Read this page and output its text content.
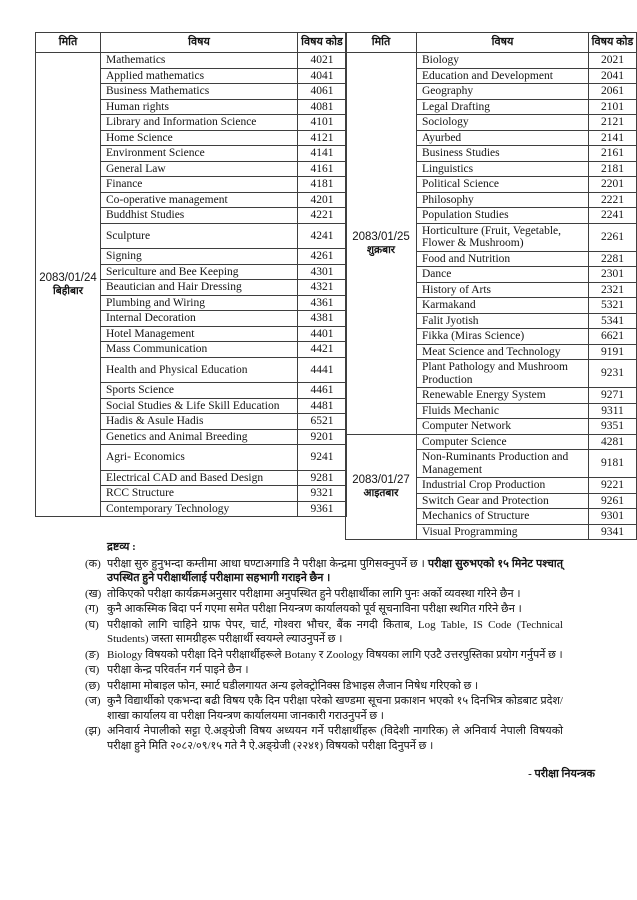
मिति	विषय	विषय कोड

2083/01/24
बिहीबार	Mathematics	4021
	Applied mathematics	4041
	Business Mathematics	4061
	Human rights	4081
	Library and Information Science	4101
	Home Science	4121
	Environment Science	4141
	General Law	4161
	Finance	4181
	Co-operative management	4201
	Buddhist Studies	4221
	Sculpture	4241
	Signing	4261
	Sericulture and Bee Keeping	4301
	Beautician and Hair Dressing	4321
	Plumbing and Wiring	4361
	Internal Decoration	4381
	Hotel Management	4401
	Mass Communication	4421
	Health and Physical Education	4441
	Sports Science	4461
	Social Studies & Life Skill Education	4481
	Hadis & Asule Hadis	6521
	Genetics and Animal Breeding	9201
	Agri- Economics	9241
	Electrical CAD and Based Design	9281
	RCC Structure	9321
	Contemporary Technology	9361
मिति	विषय	विषय कोड

2083/01/25
शुक्रबार	Biology	2021
	Education and Development	2041
	Geography	2061
	Legal Drafting	2101
	Sociology	2121
	Ayurbed	2141
	Business Studies	2161
	Linguistics	2181
	Political Science	2201
	Philosophy	2221
	Population Studies	2241
	Horticulture (Fruit, Vegetable, Flower & Mushroom)	2261
	Food and Nutrition	2281
	Dance	2301
	History of Arts	2321
	Karmakand	5321
	Falit Jyotish	5341
	Fikka (Miras Science)	6621
	Meat Science and Technology	9191
	Plant Pathology and Mushroom Production	9231
	Renewable Energy System	9271
	Fluids Mechanic	9311
	Computer Network	9351

2083/01/27
आइतबार	Computer Science	4281
	Non-Ruminants Production and Management	9181
	Industrial Crop Production	9221
	Switch Gear and Protection	9261
	Mechanics of Structure	9301
	Visual Programming	9341
द्रष्टव्य :
(क) परीक्षा सुरु हुनुभन्दा कम्तीमा आधा घण्टाअगाडि नै परीक्षा केन्द्रमा पुगिसक्नुपर्ने छ । परीक्षा सुरुभएको १५ मिनेट पश्चात् उपस्थित हुने परीक्षार्थीलाई परीक्षामा सहभागी गराइने छैन ।
(ख) तोकिएको परीक्षा कार्यक्रमअनुसार परीक्षामा अनुपस्थित हुने परीक्षार्थीका लागि पुनः अर्को व्यवस्था गरिने छैन ।
(ग) कुनै आकस्मिक बिदा पर्न गएमा समेत परीक्षा नियन्त्रण कार्यालयको पूर्व सूचनाविना परीक्षा स्थगित गरिने छैन ।
(घ) परीक्षाको लागि चाहिने ग्राफ पेपर, चार्ट, गोश्वरा भौचर, बैंक नगदी किताब, Log Table, IS Code (Technical Students) जस्ता सामग्रीहरू परीक्षार्थी स्वयम्ले ल्याउनुपर्ने छ ।
(ङ) Biology विषयको परीक्षा दिने परीक्षार्थीहरूले Botany र Zoology विषयका लागि एउटै उत्तरपुस्तिका प्रयोग गर्नुपर्ने छ ।
(च) परीक्षा केन्द्र परिवर्तन गर्न पाइने छैन ।
(छ) परीक्षामा मोबाइल फोन, स्मार्ट घडीलगायत अन्य इलेक्ट्रोनिक्स डिभाइस लैजान निषेध गरिएको छ ।
(ज) कुनै विद्यार्थीको एकभन्दा बढी विषय एकै दिन परीक्षा परेको खण्डमा सूचना प्रकाशन भएको १५ दिनभित्र कोडबाट प्रदेश/शाखा कार्यालय वा परीक्षा नियन्त्रण कार्यालयमा जानकारी गराउनुपर्ने छ ।
(झ) अनिवार्य नेपालीको सट्टा ऐ.अङ्ग्रेजी विषय अध्ययन गर्ने परीक्षार्थीहरू (विदेशी नागरिक) ले अनिवार्य नेपाली विषयको परीक्षा हुने मिति २०८२/०९/१५ गते नै ऐ.अङ्ग्रेजी (२२४१) विषयको परीक्षा दिनुपर्ने छ ।
- परीक्षा नियन्त्रक
